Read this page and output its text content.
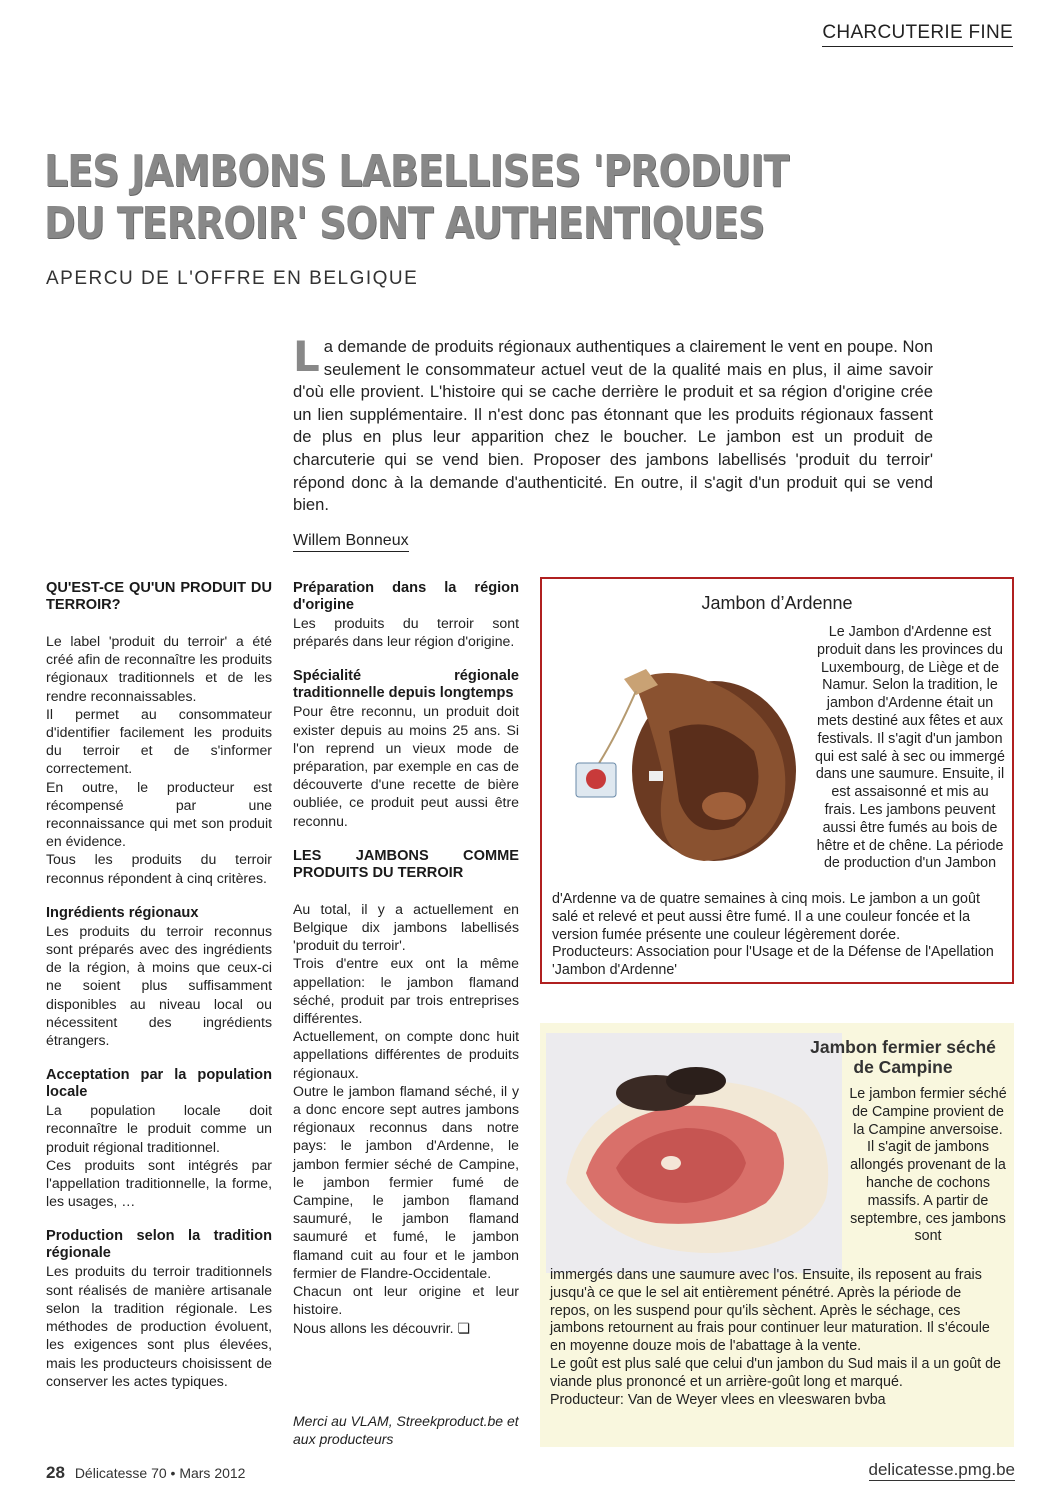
CHARCUTERIE FINE
LES JAMBONS LABELLISES 'PRODUIT
DU TERROIR' SONT AUTHENTIQUES
APERCU DE L'OFFRE EN BELGIQUE
L a demande de produits régionaux authentiques a clairement le vent en poupe. Non seulement le consommateur actuel veut de la qualité mais en plus, il aime savoir d'où elle provient. L'histoire qui se cache derrière le produit et sa région d'origine crée un lien supplémentaire. Il n'est donc pas étonnant que les produits régionaux fassent de plus en plus leur apparition chez le boucher. Le jambon est un produit de charcuterie qui se vend bien. Proposer des jambons labellisés 'produit du terroir' répond donc à la demande d'authenticité. En outre, il s'agit d'un produit qui se vend bien.
Willem Bonneux

QU'EST-CE QU'UN PRODUIT DU TERROIR?

Le label 'produit du terroir' a été créé afin de reconnaître les produits régionaux traditionnels et de les rendre reconnaissables.

Il permet au consommateur d'identifier facilement les produits du terroir et de s'informer correctement.

En outre, le producteur est récompensé par une reconnaissance qui met son produit en évidence.

Tous les produits du terroir reconnus répondent à cinq critères.

Ingrédients régionaux

Les produits du terroir reconnus sont préparés avec des ingrédients de la région, à moins que ceux-ci ne soient plus suffisamment disponibles au niveau local ou nécessitent des ingrédients étrangers.

Acceptation par la population locale

La population locale doit reconnaître le produit comme un produit régional traditionnel.

Ces produits sont intégrés par l'appellation traditionnelle, la forme, les usages, …

Production selon la tradition régionale

Les produits du terroir traditionnels sont réalisés de manière artisanale selon la tradition régionale. Les méthodes de production évoluent, les exigences sont plus élevées, mais les producteurs choisissent de conserver les actes typiques.

Préparation dans la région d'origine

Les produits du terroir sont préparés dans leur région d'origine.

Spécialité régionale traditionnelle depuis longtemps

Pour être reconnu, un produit doit exister depuis au moins 25 ans. Si l'on reprend un vieux mode de préparation, par exemple en cas de découverte d'une recette de bière oubliée, ce produit peut aussi être reconnu.

LES JAMBONS COMME PRODUITS DU TERROIR

Au total, il y a actuellement en Belgique dix jambons labellisés 'produit du terroir'.

Trois d'entre eux ont la même appellation: le jambon flamand séché, produit par trois entreprises différentes.

Actuellement, on compte donc huit appellations différentes de produits régionaux.

Outre le jambon flamand séché, il y a donc encore sept autres jambons régionaux reconnus dans notre pays: le jambon d'Ardenne, le jambon fermier séché de Campine, le jambon fermier fumé de Campine, le jambon flamand saumuré, le jambon flamand saumuré et fumé, le jambon flamand cuit au four et le jambon fermier de Flandre-Occidentale.

Chacun ont leur origine et leur histoire.

Nous allons les découvrir. ❏

Merci au VLAM, Streekproduct.be et aux producteurs
Jambon d’Ardenne
Le Jambon d'Ardenne est produit dans les provinces du Luxembourg, de Liège et de Namur. Selon la tradition, le jambon d'Ardenne était un mets destiné aux fêtes et aux festivals. Il s'agit d'un jambon qui est salé à sec ou immergé dans une saumure. Ensuite, il est assaisonné et mis au frais. Les jambons peuvent aussi être fumés au bois de hêtre et de chêne. La période de production d'un Jambon
d'Ardenne va de quatre semaines à cinq mois. Le jambon a un goût salé et relevé et peut aussi être fumé. Il a une couleur foncée et la version fumée présente une couleur légèrement dorée.
Producteurs: Association pour l'Usage et de la Défense de l'Apellation 'Jambon d'Ardenne'
Jambon fermier séché de Campine
Le jambon fermier séché de Campine provient de la Campine anversoise. Il s'agit de jambons allongés provenant de la hanche de cochons massifs. A partir de septembre, ces jambons sont
immergés dans une saumure avec l'os. Ensuite, ils reposent au frais jusqu'à ce que le sel ait entièrement pénétré. Après la période de repos, on les suspend pour qu'ils sèchent. Après le séchage, ces jambons retournent au frais pour continuer leur maturation. Il s'écoule en moyenne douze mois de l'abattage à la vente.
Le goût est plus salé que celui d'un jambon du Sud mais il a un goût de viande plus prononcé et un arrière-goût long et marqué.
Producteur: Van de Weyer vlees en vleeswaren bvba
28 Délicatesse 70 • Mars 2012	delicatesse.pmg.be
